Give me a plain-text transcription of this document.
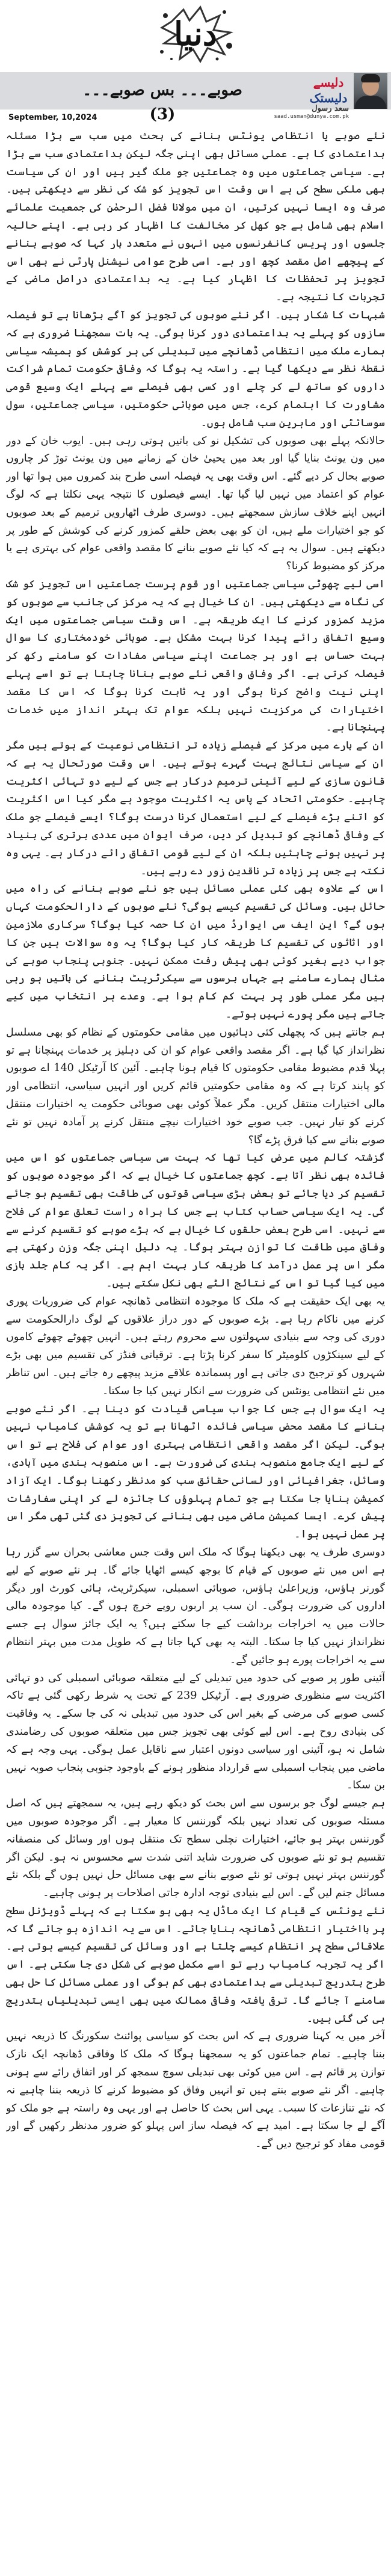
دنیا
صوبے۔۔۔ بس صوبے۔۔۔(3)
دلیسے
دلیستک
September, 10,2024
سعد رسول
saad.usman@dunya.com.pk

نئے صوبے یا انتظامی یونٹس بنانے کی بحث میں سب سے بڑا مسئلہ بداعتمادی کا ہے۔ عملی مسائل بھی اپنی جگہ لیکن بداعتمادی سب سے بڑا ہے۔ سیاسی جماعتوں میں وہ جماعتیں جو ملک گیر ہیں اور ان کی سیاست بھی ملکی سطح کی ہے اس وقت اس تجویز کو شک کی نظر سے دیکھتی ہیں۔ صرف وہ ایسا نہیں کرتیں، ان میں مولانا فضل الرحمٰن کی جمعیت علمائے اسلام بھی شامل ہے جو کھل کر مخالفت کا اظہار کر رہی ہے۔ اپنے حالیہ جلسوں اور پریس کانفرنسوں میں انہوں نے متعدد بار کہا کہ صوبے بنانے کے پیچھے اصل مقصد کچھ اور ہے۔ اسی طرح عوامی نیشنل پارٹی نے بھی اس تجویز پر تحفظات کا اظہار کیا ہے۔ یہ بداعتمادی دراصل ماضی کے تجربات کا نتیجہ ہے۔

شبہات کا شکار ہیں۔ اگر نئے صوبوں کی تجویز کو آگے بڑھانا ہے تو فیصلہ سازوں کو پہلے یہ بداعتمادی دور کرنا ہوگی۔ یہ بات سمجھنا ضروری ہے کہ ہمارے ملک میں انتظامی ڈھانچے میں تبدیلی کی ہر کوشش کو ہمیشہ سیاسی نقطۂ نظر سے دیکھا گیا ہے۔ راستہ یہ ہوگا کہ وفاقی حکومت تمام شراکت داروں کو ساتھ لے کر چلے اور کسی بھی فیصلے سے پہلے ایک وسیع قومی مشاورت کا اہتمام کرے، جس میں صوبائی حکومتیں، سیاسی جماعتیں، سول سوسائٹی اور ماہرین سب شامل ہوں۔

حالانکہ پہلے بھی صوبوں کی تشکیل نو کی باتیں ہوتی رہی ہیں۔ ایوب خان کے دور میں ون یونٹ بنایا گیا اور بعد میں یحییٰ خان کے زمانے میں ون یونٹ توڑ کر چاروں صوبے بحال کر دیے گئے۔ اس وقت بھی یہ فیصلہ اسی طرح بند کمروں میں ہوا تھا اور عوام کو اعتماد میں نہیں لیا گیا تھا۔ ایسے فیصلوں کا نتیجہ یہی نکلتا ہے کہ لوگ انہیں اپنے خلاف سازش سمجھتے ہیں۔ دوسری طرف اٹھارویں ترمیم کے بعد صوبوں کو جو اختیارات ملے ہیں، ان کو بھی بعض حلقے کمزور کرنے کی کوشش کے طور پر دیکھتے ہیں۔ سوال یہ ہے کہ کیا نئے صوبے بنانے کا مقصد واقعی عوام کی بہتری ہے یا مرکز کو مضبوط کرنا؟

اسی لیے چھوٹی سیاسی جماعتیں اور قوم پرست جماعتیں اس تجویز کو شک کی نگاہ سے دیکھتی ہیں۔ ان کا خیال ہے کہ یہ مرکز کی جانب سے صوبوں کو مزید کمزور کرنے کا ایک طریقہ ہے۔ اس وقت سیاسی جماعتوں میں ایک وسیع اتفاق رائے پیدا کرنا بہت مشکل ہے۔ صوبائی خودمختاری کا سوال بہت حساس ہے اور ہر جماعت اپنے سیاسی مفادات کو سامنے رکھ کر فیصلہ کرتی ہے۔ اگر وفاق واقعی نئے صوبے بنانا چاہتا ہے تو اسے پہلے اپنی نیت واضح کرنا ہوگی اور یہ ثابت کرنا ہوگا کہ اس کا مقصد اختیارات کی مرکزیت نہیں بلکہ عوام تک بہتر انداز میں خدمات پہنچانا ہے۔

ان کے بارے میں مرکز کے فیصلے زیادہ تر انتظامی نوعیت کے ہوتے ہیں مگر ان کے سیاسی نتائج بہت گہرے ہوتے ہیں۔ اس وقت صورتحال یہ ہے کہ قانون سازی کے لیے آئینی ترمیم درکار ہے جس کے لیے دو تہائی اکثریت چاہیے۔ حکومتی اتحاد کے پاس یہ اکثریت موجود ہے مگر کیا اس اکثریت کو اتنے بڑے فیصلے کے لیے استعمال کرنا درست ہوگا؟ ایسے فیصلے جو ملک کے وفاقی ڈھانچے کو تبدیل کر دیں، صرف ایوان میں عددی برتری کی بنیاد پر نہیں ہونے چاہئیں بلکہ ان کے لیے قومی اتفاق رائے درکار ہے۔ یہی وہ نکتہ ہے جس پر زیادہ تر ناقدین زور دے رہے ہیں۔

اس کے علاوہ بھی کئی عملی مسائل ہیں جو نئے صوبے بنانے کی راہ میں حائل ہیں۔ وسائل کی تقسیم کیسے ہوگی؟ نئے صوبوں کے دارالحکومت کہاں ہوں گے؟ این ایف سی ایوارڈ میں ان کا حصہ کیا ہوگا؟ سرکاری ملازمین اور اثاثوں کی تقسیم کا طریقہ کار کیا ہوگا؟ یہ وہ سوالات ہیں جن کا جواب دیے بغیر کوئی بھی پیش رفت ممکن نہیں۔ جنوبی پنجاب صوبے کی مثال ہمارے سامنے ہے جہاں برسوں سے سیکرٹریٹ بنانے کی باتیں ہو رہی ہیں مگر عملی طور پر بہت کم کام ہوا ہے۔ وعدے ہر انتخاب میں کیے جاتے ہیں مگر پورے نہیں ہوتے۔

ہم جانتے ہیں کہ پچھلی کئی دہائیوں میں مقامی حکومتوں کے نظام کو بھی مسلسل نظرانداز کیا گیا ہے۔ اگر مقصد واقعی عوام کو ان کی دہلیز پر خدمات پہنچانا ہے تو پہلا قدم مضبوط مقامی حکومتوں کا قیام ہونا چاہیے۔ آئین کا آرٹیکل 140 اے صوبوں کو پابند کرتا ہے کہ وہ مقامی حکومتیں قائم کریں اور انہیں سیاسی، انتظامی اور مالی اختیارات منتقل کریں۔ مگر عملاً کوئی بھی صوبائی حکومت یہ اختیارات منتقل کرنے کو تیار نہیں۔ جب صوبے خود اختیارات نیچے منتقل کرنے پر آمادہ نہیں تو نئے صوبے بنانے سے کیا فرق پڑے گا؟

گزشتہ کالم میں عرض کیا تھا کہ بہت سی سیاسی جماعتوں کو اس میں فائدہ بھی نظر آتا ہے۔ کچھ جماعتوں کا خیال ہے کہ اگر موجودہ صوبوں کو تقسیم کر دیا جائے تو بعض بڑی سیاسی قوتوں کی طاقت بھی تقسیم ہو جائے گی۔ یہ ایک سیاسی حساب کتاب ہے جس کا براہ راست تعلق عوام کی فلاح سے نہیں۔ اسی طرح بعض حلقوں کا خیال ہے کہ بڑے صوبے کو تقسیم کرنے سے وفاق میں طاقت کا توازن بہتر ہوگا۔ یہ دلیل اپنی جگہ وزن رکھتی ہے مگر اس پر عمل درآمد کا طریقہ کار بہت اہم ہے۔ اگر یہ کام جلد بازی میں کیا گیا تو اس کے نتائج الٹے بھی نکل سکتے ہیں۔

یہ بھی ایک حقیقت ہے کہ ملک کا موجودہ انتظامی ڈھانچہ عوام کی ضروریات پوری کرنے میں ناکام رہا ہے۔ بڑے صوبوں کے دور دراز علاقوں کے لوگ دارالحکومت سے دوری کی وجہ سے بنیادی سہولتوں سے محروم رہتے ہیں۔ انہیں چھوٹے چھوٹے کاموں کے لیے سینکڑوں کلومیٹر کا سفر کرنا پڑتا ہے۔ ترقیاتی فنڈز کی تقسیم میں بھی بڑے شہروں کو ترجیح دی جاتی ہے اور پسماندہ علاقے مزید پیچھے رہ جاتے ہیں۔ اس تناظر میں نئے انتظامی یونٹس کی ضرورت سے انکار نہیں کیا جا سکتا۔

یہ ایک سوال ہے جس کا جواب سیاسی قیادت کو دینا ہے۔ اگر نئے صوبے بنانے کا مقصد محض سیاسی فائدہ اٹھانا ہے تو یہ کوشش کامیاب نہیں ہوگی۔ لیکن اگر مقصد واقعی انتظامی بہتری اور عوام کی فلاح ہے تو اس کے لیے ایک جامع منصوبہ بندی کی ضرورت ہے۔ اس منصوبہ بندی میں آبادی، وسائل، جغرافیائی اور لسانی حقائق سب کو مدنظر رکھنا ہوگا۔ ایک آزاد کمیشن بنایا جا سکتا ہے جو تمام پہلوؤں کا جائزہ لے کر اپنی سفارشات پیش کرے۔ ایسا کمیشن ماضی میں بھی بنانے کی تجویز دی گئی تھی مگر اس پر عمل نہیں ہوا۔

دوسری طرف یہ بھی دیکھنا ہوگا کہ ملک اس وقت جس معاشی بحران سے گزر رہا ہے اس میں نئے صوبوں کے قیام کا بوجھ کیسے اٹھایا جائے گا۔ ہر نئے صوبے کے لیے گورنر ہاؤس، وزیراعلیٰ ہاؤس، صوبائی اسمبلی، سیکرٹریٹ، ہائی کورٹ اور دیگر اداروں کی ضرورت ہوگی۔ ان سب پر اربوں روپے خرچ ہوں گے۔ کیا موجودہ مالی حالات میں یہ اخراجات برداشت کیے جا سکتے ہیں؟ یہ ایک جائز سوال ہے جسے نظرانداز نہیں کیا جا سکتا۔ البتہ یہ بھی کہا جاتا ہے کہ طویل مدت میں بہتر انتظام سے یہ اخراجات پورے ہو جائیں گے۔

آئینی طور پر صوبے کی حدود میں تبدیلی کے لیے متعلقہ صوبائی اسمبلی کی دو تہائی اکثریت سے منظوری ضروری ہے۔ آرٹیکل 239 کے تحت یہ شرط رکھی گئی ہے تاکہ کسی صوبے کی مرضی کے بغیر اس کی حدود میں تبدیلی نہ کی جا سکے۔ یہ وفاقیت کی بنیادی روح ہے۔ اس لیے کوئی بھی تجویز جس میں متعلقہ صوبوں کی رضامندی شامل نہ ہو، آئینی اور سیاسی دونوں اعتبار سے ناقابل عمل ہوگی۔ یہی وجہ ہے کہ ماضی میں پنجاب اسمبلی سے قرارداد منظور ہونے کے باوجود جنوبی پنجاب صوبہ نہیں بن سکا۔

ہم جیسے لوگ جو برسوں سے اس بحث کو دیکھ رہے ہیں، یہ سمجھتے ہیں کہ اصل مسئلہ صوبوں کی تعداد نہیں بلکہ گورننس کا معیار ہے۔ اگر موجودہ صوبوں میں گورننس بہتر ہو جائے، اختیارات نچلی سطح تک منتقل ہوں اور وسائل کی منصفانہ تقسیم ہو تو نئے صوبوں کی ضرورت شاید اتنی شدت سے محسوس نہ ہو۔ لیکن اگر گورننس بہتر نہیں ہوتی تو نئے صوبے بنانے سے بھی مسائل حل نہیں ہوں گے بلکہ نئے مسائل جنم لیں گے۔ اس لیے بنیادی توجہ ادارہ جاتی اصلاحات پر ہونی چاہیے۔

نئے یونٹس کے قیام کا ایک ماڈل یہ بھی ہو سکتا ہے کہ پہلے ڈویژنل سطح پر بااختیار انتظامی ڈھانچہ بنایا جائے۔ اس سے یہ اندازہ ہو جائے گا کہ علاقائی سطح پر انتظام کیسے چلتا ہے اور وسائل کی تقسیم کیسے ہوتی ہے۔ اگر یہ تجربہ کامیاب رہے تو اسے مکمل صوبے کی شکل دی جا سکتی ہے۔ اس طرح بتدریج تبدیلی سے بداعتمادی بھی کم ہوگی اور عملی مسائل کا حل بھی سامنے آ جائے گا۔ ترقی یافتہ وفاقی ممالک میں بھی ایسی تبدیلیاں بتدریج ہی کی گئی ہیں۔

آخر میں یہ کہنا ضروری ہے کہ اس بحث کو سیاسی پوائنٹ سکورنگ کا ذریعہ نہیں بننا چاہیے۔ تمام جماعتوں کو یہ سمجھنا ہوگا کہ ملک کا وفاقی ڈھانچہ ایک نازک توازن پر قائم ہے۔ اس میں کوئی بھی تبدیلی سوچ سمجھ کر اور اتفاق رائے سے ہونی چاہیے۔ اگر نئے صوبے بنتے ہیں تو انہیں وفاق کو مضبوط کرنے کا ذریعہ بننا چاہیے نہ کہ نئے تنازعات کا سبب۔ یہی اس بحث کا حاصل ہے اور یہی وہ راستہ ہے جو ملک کو آگے لے جا سکتا ہے۔ امید ہے کہ فیصلہ ساز اس پہلو کو ضرور مدنظر رکھیں گے اور قومی مفاد کو ترجیح دیں گے۔
